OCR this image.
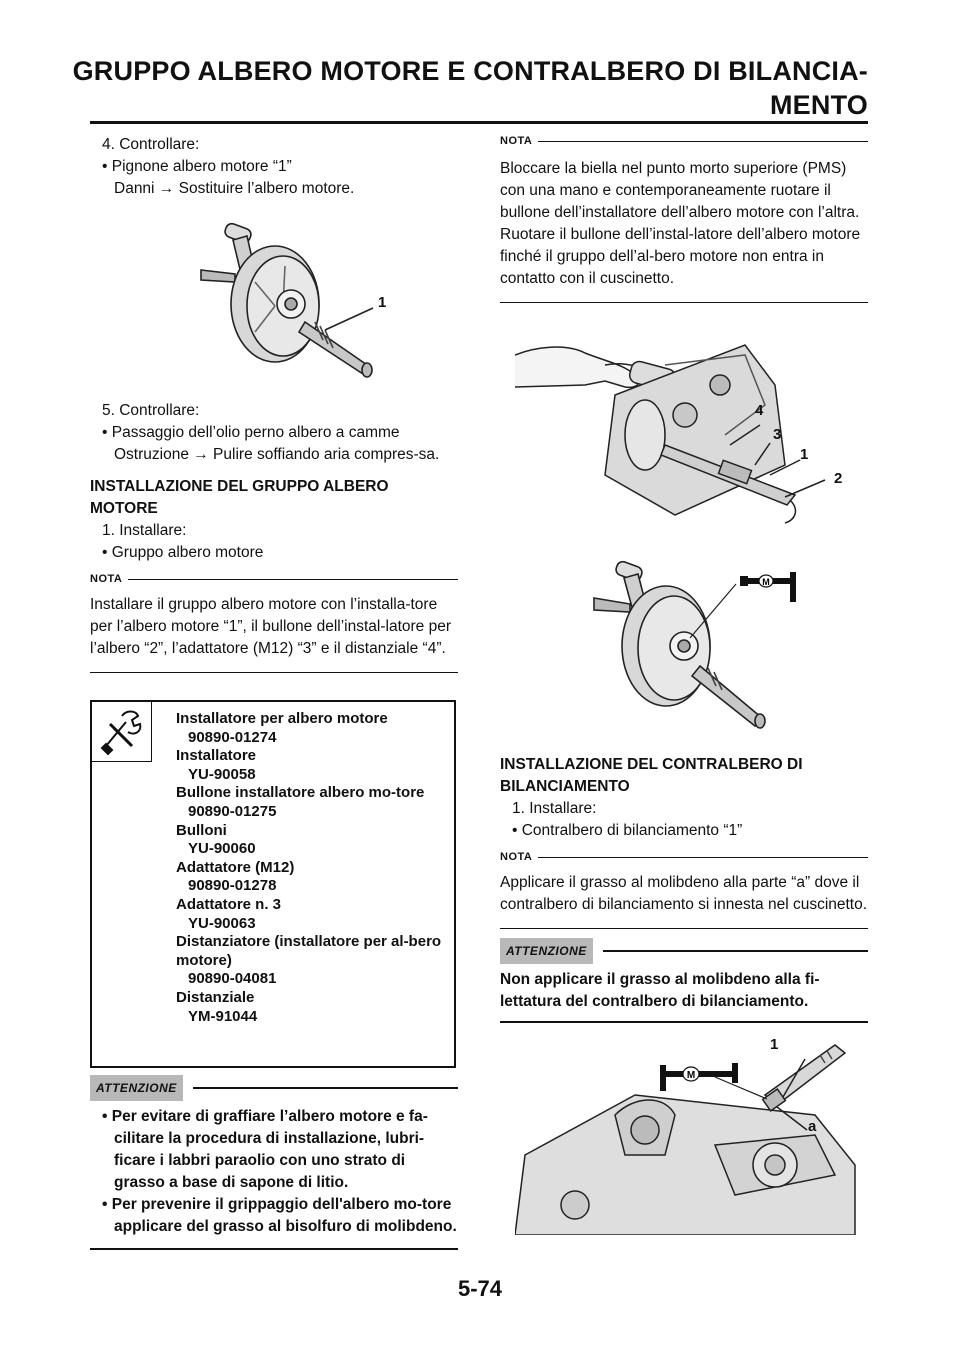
GRUPPO ALBERO MOTORE E CONTRALBERO DI BILANCIA-
MENTO

4. Controllare:

• Pignone albero motore “1”

Danni → Sostituire l’albero motore.

1

5. Controllare:

• Passaggio dell’olio perno albero a camme

Ostruzione → Pulire soffiando aria compres-sa.

INSTALLAZIONE DEL GRUPPO ALBERO MOTORE

1. Installare:

• Gruppo albero motore

NOTA

Installare il gruppo albero motore con l’installa-tore per l’albero motore “1”, il bullone dell’instal-latore per l’albero “2”, l’adattatore (M12) “3” e il distanziale “4”.

Installatore per albero motore
90890-01274
Installatore
YU-90058
Bullone installatore albero mo-tore
90890-01275
Bulloni
YU-90060
Adattatore (M12)
90890-01278
Adattatore n. 3
YU-90063
Distanziatore (installatore per al-bero motore)
90890-04081
Distanziale
YM-91044
ATTENZIONE

• Per evitare di graffiare l’albero motore e fa-cilitare la procedura di installazione, lubri-ficare i labbri paraolio con uno strato di grasso a base di sapone di litio.

• Per prevenire il grippaggio dell'albero mo-tore applicare del grasso al bisolfuro di molibdeno.

NOTA

Bloccare la biella nel punto morto superiore (PMS) con una mano e contemporaneamente ruotare il bullone dell’installatore dell’albero motore con l’altra. Ruotare il bullone dell’instal-latore dell’albero motore finché il gruppo dell’al-bero motore non entra in contatto con il cuscinetto.

4
3
1
2
M

INSTALLAZIONE DEL CONTRALBERO DI BILANCIAMENTO

1. Installare:

• Contralbero di bilanciamento “1”

NOTA

Applicare il grasso al molibdeno alla parte “a” dove il contralbero di bilanciamento si innesta nel cuscinetto.

ATTENZIONE

Non applicare il grasso al molibdeno alla fi-lettatura del contralbero di bilanciamento.

M
1
a
5-74
